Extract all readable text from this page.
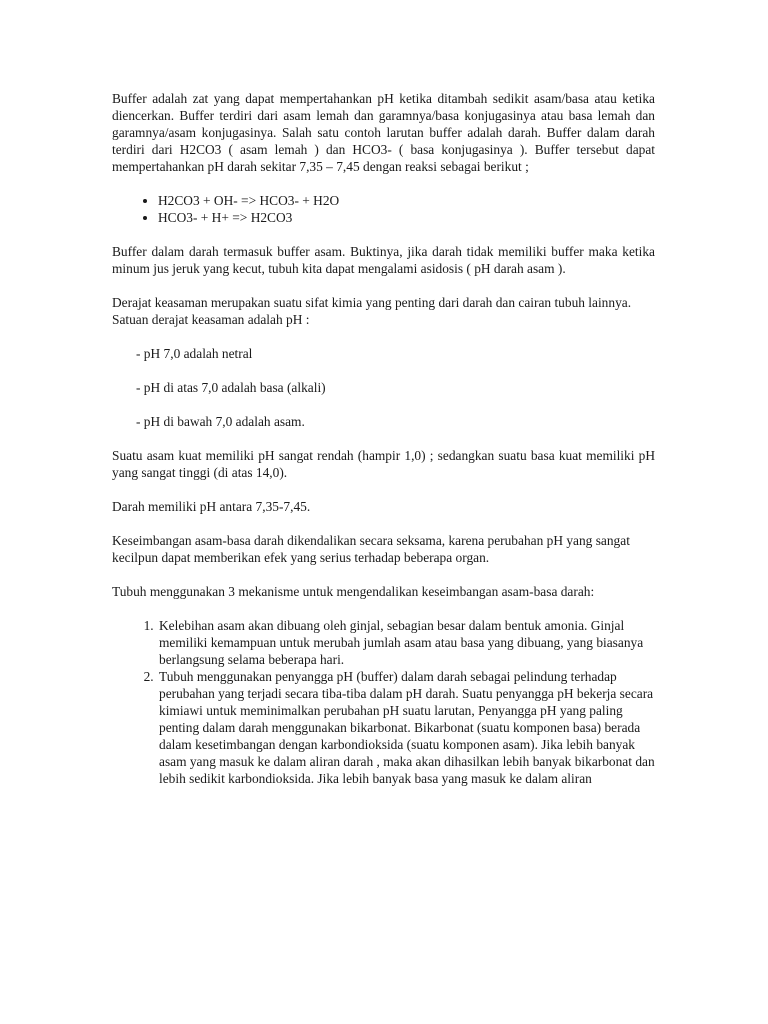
Buffer adalah zat yang dapat mempertahankan pH ketika ditambah sedikit asam/basa atau ketika diencerkan. Buffer terdiri dari asam lemah dan garamnya/basa konjugasinya atau basa lemah dan garamnya/asam konjugasinya. Salah satu contoh larutan buffer adalah darah. Buffer dalam darah terdiri dari H2CO3 ( asam lemah ) dan HCO3- ( basa konjugasinya ). Buffer tersebut dapat mempertahankan pH darah sekitar 7,35 – 7,45 dengan reaksi sebagai berikut ;

• H2CO3 + OH- => HCO3- + H2O
• HCO3- + H+ => H2CO3

Buffer dalam darah termasuk buffer asam. Buktinya, jika darah tidak memiliki buffer maka ketika minum jus jeruk yang kecut, tubuh kita dapat mengalami asidosis ( pH darah asam ).

Derajat keasaman merupakan suatu sifat kimia yang penting dari darah dan cairan tubuh lainnya. Satuan derajat keasaman adalah pH :

- pH 7,0 adalah netral
- pH di atas 7,0 adalah basa (alkali)
- pH di bawah 7,0 adalah asam.

Suatu asam kuat memiliki pH sangat rendah (hampir 1,0) ; sedangkan suatu basa kuat memiliki pH yang sangat tinggi (di atas 14,0).

Darah memiliki pH antara 7,35-7,45.

Keseimbangan asam-basa darah dikendalikan secara seksama, karena perubahan pH yang sangat kecilpun dapat memberikan efek yang serius terhadap beberapa organ.

Tubuh menggunakan 3 mekanisme untuk mengendalikan keseimbangan asam-basa darah:

1. Kelebihan asam akan dibuang oleh ginjal, sebagian besar dalam bentuk amonia. Ginjal memiliki kemampuan untuk merubah jumlah asam atau basa yang dibuang, yang biasanya berlangsung selama beberapa hari.
2. Tubuh menggunakan penyangga pH (buffer) dalam darah sebagai pelindung terhadap perubahan yang terjadi secara tiba-tiba dalam pH darah. Suatu penyangga pH bekerja secara kimiawi untuk meminimalkan perubahan pH suatu larutan, Penyangga pH yang paling penting dalam darah menggunakan bikarbonat. Bikarbonat (suatu komponen basa) berada dalam kesetimbangan dengan karbondioksida (suatu komponen asam). Jika lebih banyak asam yang masuk ke dalam aliran darah , maka akan dihasilkan lebih banyak bikarbonat dan lebih sedikit karbondioksida. Jika lebih banyak basa yang masuk ke dalam aliran
